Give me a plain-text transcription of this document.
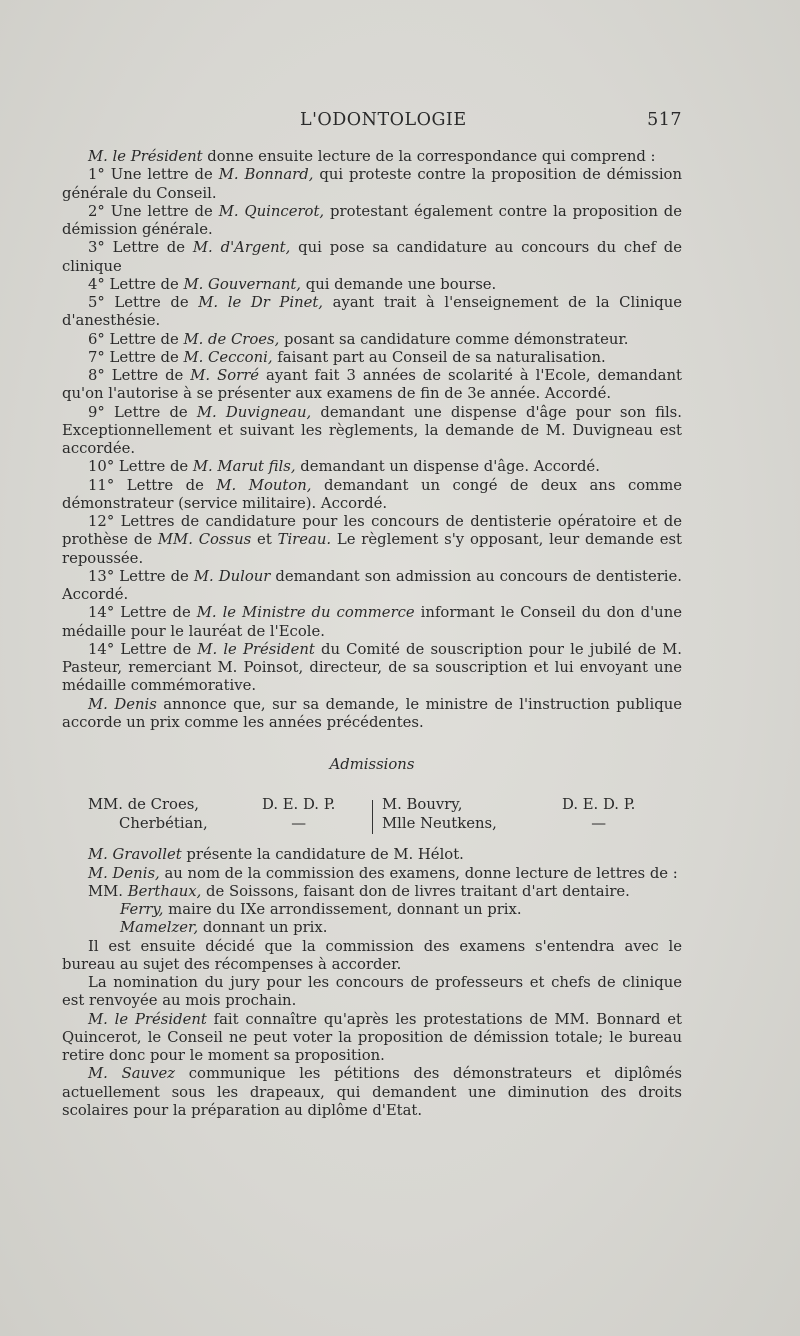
L'ODONTOLOGIE	517

M. le Président donne ensuite lecture de la correspondance qui comprend :

1° Une lettre de M. Bonnard, qui proteste contre la proposition de démission générale du Conseil.

2° Une lettre de M. Quincerot, protestant également contre la proposition de démission générale.

3° Lettre de M. d'Argent, qui pose sa candidature au concours du chef de clinique

4° Lettre de M. Gouvernant, qui demande une bourse.

5° Lettre de M. le Dr Pinet, ayant trait à l'enseignement de la Clinique d'anesthésie.

6° Lettre de M. de Croes, posant sa candidature comme démonstrateur.

7° Lettre de M. Cecconi, faisant part au Conseil de sa naturalisation.

8° Lettre de M. Sorré ayant fait 3 années de scolarité à l'Ecole, demandant qu'on l'autorise à se présenter aux examens de fin de 3e année. Accordé.

9° Lettre de M. Duvigneau, demandant une dispense d'âge pour son fils. Exceptionnellement et suivant les règlements, la demande de M. Duvigneau est accordée.

10° Lettre de M. Marut fils, demandant un dispense d'âge. Accordé.

11° Lettre de M. Mouton, demandant un congé de deux ans comme démonstrateur (service militaire). Accordé.

12° Lettres de candidature pour les concours de dentisterie opératoire et de prothèse de MM. Cossus et Tireau. Le règlement s'y opposant, leur demande est repoussée.

13° Lettre de M. Dulour demandant son admission au concours de dentisterie. Accordé.

14° Lettre de M. le Ministre du commerce informant le Conseil du don d'une médaille pour le lauréat de l'Ecole.

14° Lettre de M. le Président du Comité de souscription pour le jubilé de M. Pasteur, remerciant M. Poinsot, directeur, de sa souscription et lui envoyant une médaille commémorative.

M. Denis annonce que, sur sa demande, le ministre de l'instruction publique accorde un prix comme les années précédentes.

Admissions
MM. de Croes,
Cherbétian,
D. E. D. P.
—
M. Bouvry,
Mlle Neutkens,
D. E. D. P.
—

M. Gravollet présente la candidature de M. Hélot.

M. Denis, au nom de la commission des examens, donne lecture de lettres de :

MM. Berthaux, de Soissons, faisant don de livres traitant d'art dentaire.

Ferry, maire du IXe arrondissement, donnant un prix.

Mamelzer, donnant un prix.

Il est ensuite décidé que la commission des examens s'entendra avec le bureau au sujet des récompenses à accorder.

La nomination du jury pour les concours de professeurs et chefs de clinique est renvoyée au mois prochain.

M. le Président fait connaître qu'après les protestations de MM. Bonnard et Quincerot, le Conseil ne peut voter la proposition de démission totale; le bureau retire donc pour le moment sa proposition.

M. Sauvez communique les pétitions des démonstrateurs et diplômés actuellement sous les drapeaux, qui demandent une diminution des droits scolaires pour la préparation au diplôme d'Etat.
